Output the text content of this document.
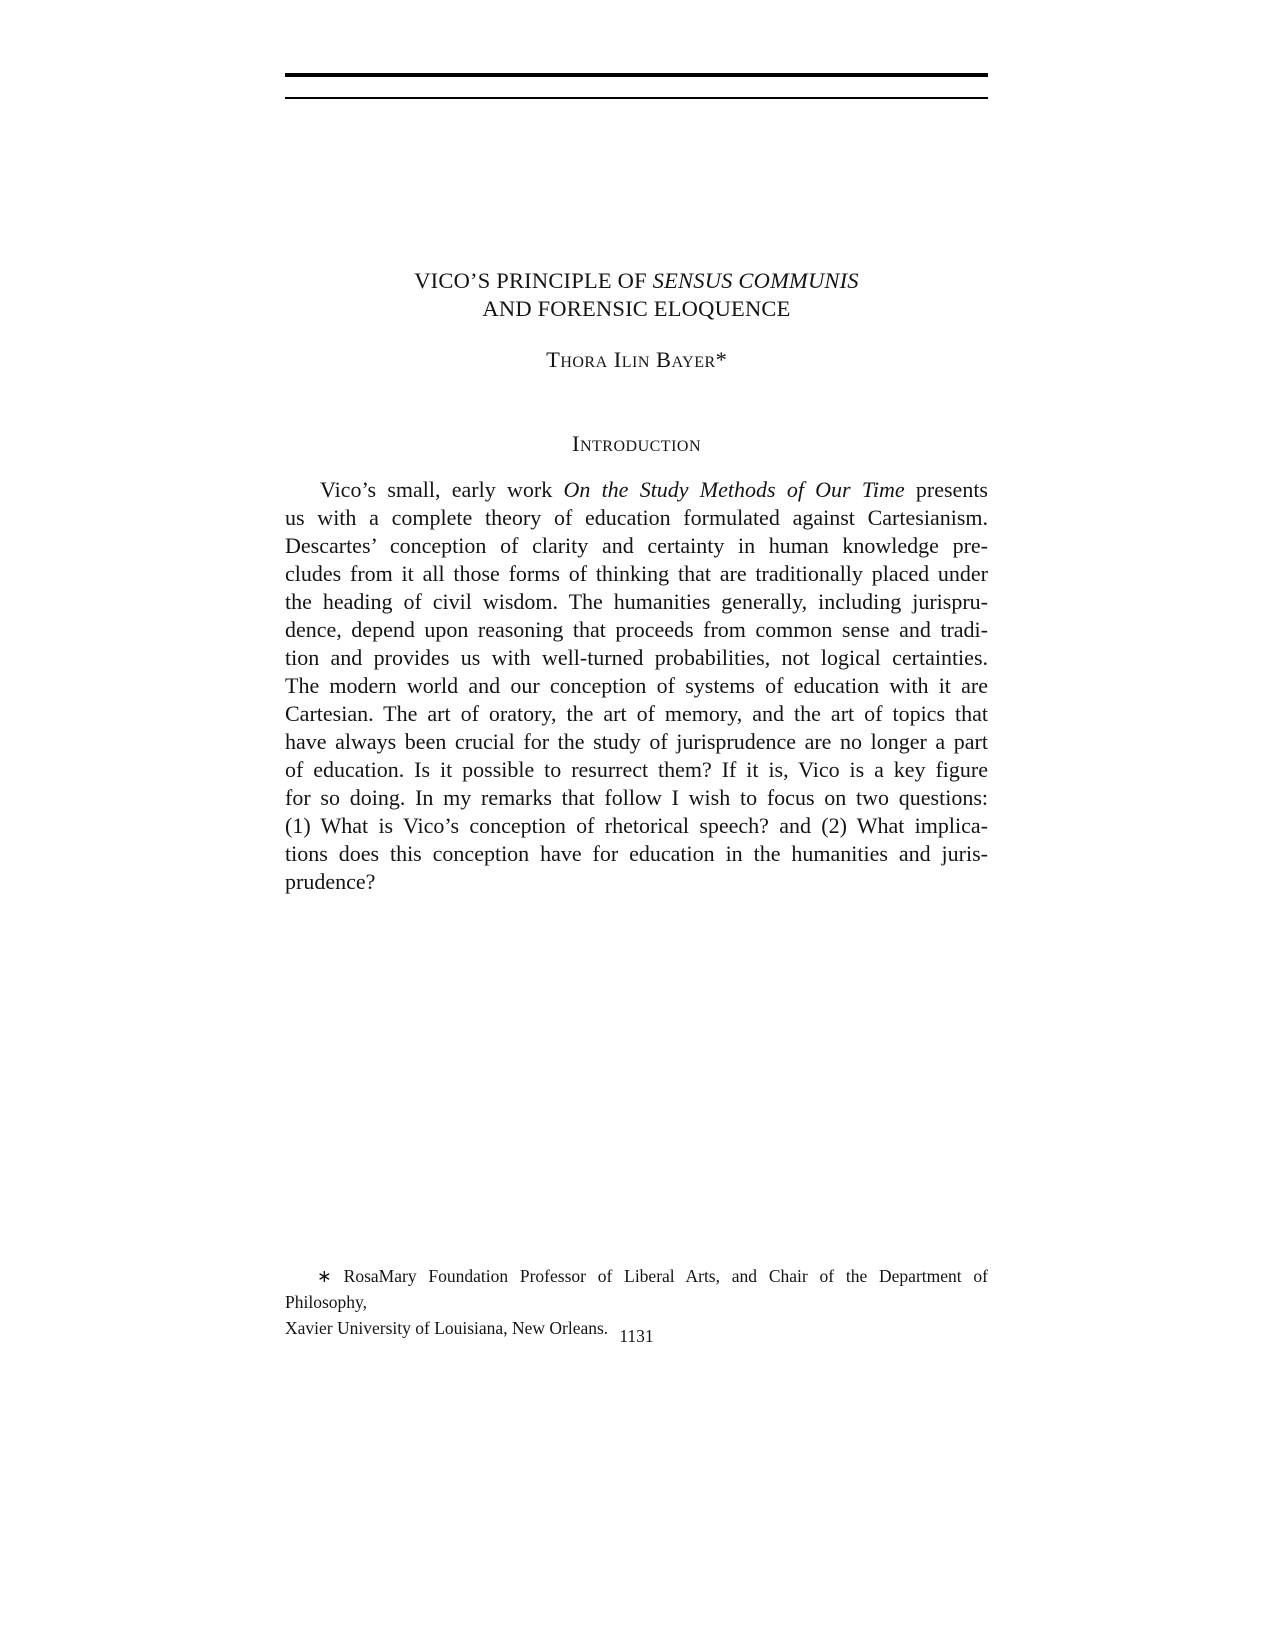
VICO’S PRINCIPLE OF SENSUS COMMUNIS
AND FORENSIC ELOQUENCE
Thora Ilin Bayer*
Introduction
Vico’s small, early work On the Study Methods of Our Time presents
us with a complete theory of education formulated against Cartesianism.
Descartes’ conception of clarity and certainty in human knowledge pre-
cludes from it all those forms of thinking that are traditionally placed under
the heading of civil wisdom. The humanities generally, including jurispru-
dence, depend upon reasoning that proceeds from common sense and tradi-
tion and provides us with well-turned probabilities, not logical certainties.
The modern world and our conception of systems of education with it are
Cartesian. The art of oratory, the art of memory, and the art of topics that
have always been crucial for the study of jurisprudence are no longer a part
of education. Is it possible to resurrect them? If it is, Vico is a key figure
for so doing. In my remarks that follow I wish to focus on two questions:
(1) What is Vico’s conception of rhetorical speech? and (2) What implica-
tions does this conception have for education in the humanities and juris-
prudence?
∗ RosaMary Foundation Professor of Liberal Arts, and Chair of the Department of Philosophy,
Xavier University of Louisiana, New Orleans. 1131
